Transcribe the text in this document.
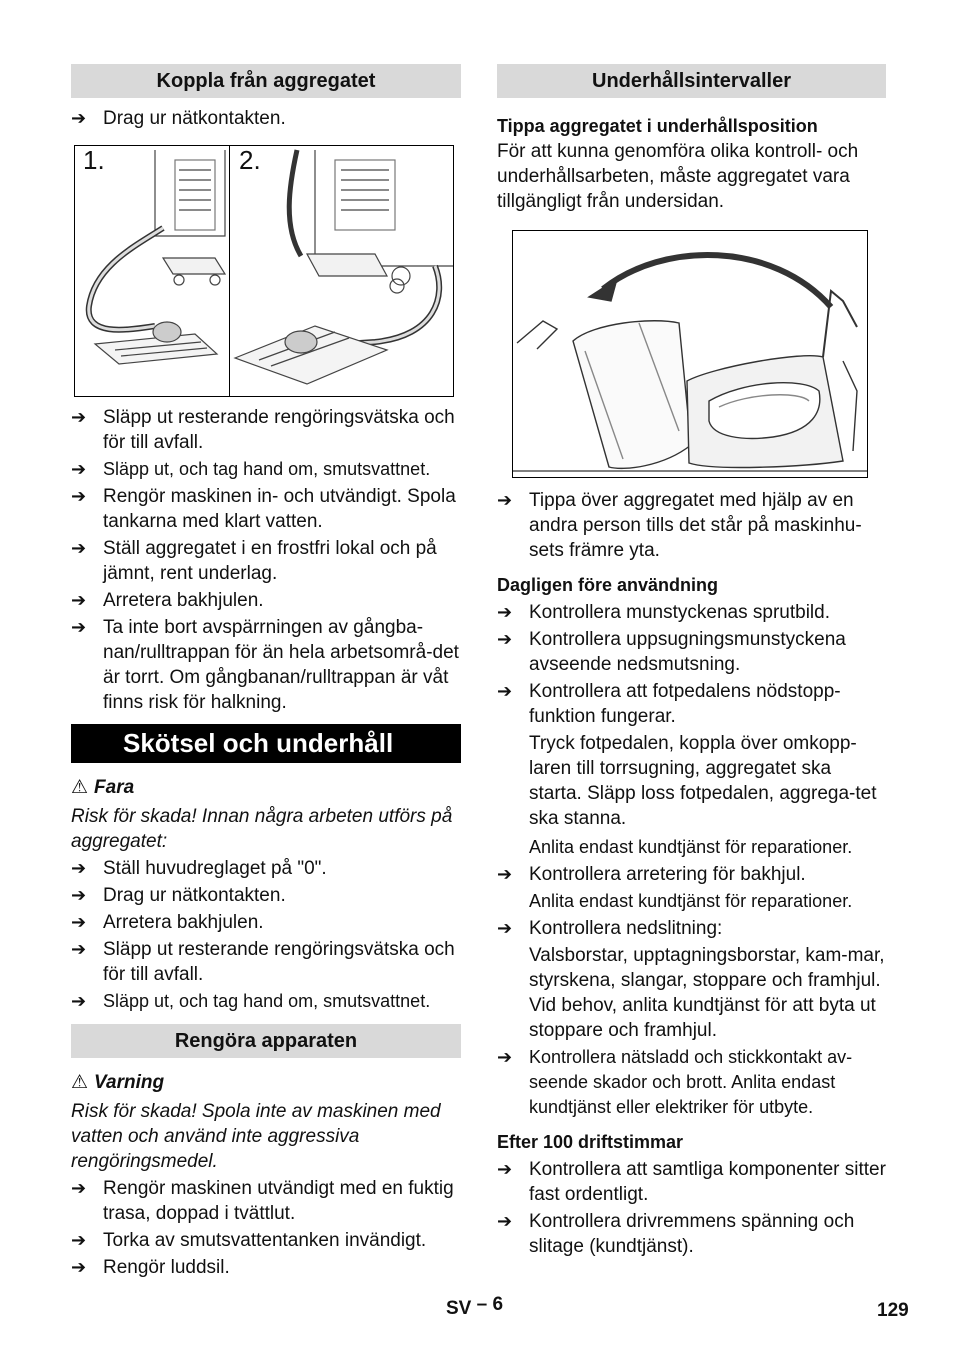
Koppla från aggregatet
➔ Drag ur nätkontakten.
1.	2.
➔ Släpp ut resterande rengöringsvätska och för till avfall.
➔ Släpp ut, och tag hand om, smutsvattnet.
➔ Rengör maskinen in- och utvändigt. Spola tankarna med klart vatten.
➔ Ställ aggregatet i en frostfri lokal och på jämnt, rent underlag.
➔ Arretera bakhjulen.
➔ Ta inte bort avspärrningen av gångba-nan/rulltrappan för än hela arbetsområ-det är torrt. Om gångbanan/rulltrappan är våt finns risk för halkning.
Skötsel och underhåll
⚠ Fara

Risk för skada! Innan några arbeten utförs på aggregatet:

➔ Ställ huvudreglaget på "0".
➔ Drag ur nätkontakten.
➔ Arretera bakhjulen.
➔ Släpp ut resterande rengöringsvätska och för till avfall.
➔ Släpp ut, och tag hand om, smutsvattnet.
Rengöra apparaten
⚠ Varning

Risk för skada! Spola inte av maskinen med vatten och använd inte aggressiva rengöringsmedel.

➔ Rengör maskinen utvändigt med en fuktig trasa, doppad i tvättlut.
➔ Torka av smutsvattentanken invändigt.
➔ Rengör luddsil.
Underhållsintervaller
Tippa aggregatet i underhållsposition

För att kunna genomföra olika kontroll- och underhållsarbeten, måste aggregatet vara tillgängligt från undersidan.

➔ Tippa över aggregatet med hjälp av en andra person tills det står på maskinhu-sets främre yta.
Dagligen före användning
➔ Kontrollera munstyckenas sprutbild.
➔ Kontrollera uppsugningsmunstyckena avseende nedsmutsning.
➔ Kontrollera att fotpedalens nödstopp-funktion fungerar.

Tryck fotpedalen, koppla över omkopp-laren till torrsugning, aggregatet ska starta. Släpp loss fotpedalen, aggrega-tet ska stanna.

Anlita endast kundtjänst för reparationer.

➔ Kontrollera arretering för bakhjul.

Anlita endast kundtjänst för reparationer.

➔ Kontrollera nedslitning:

Valsborstar, upptagningsborstar, kam-mar, styrskena, slangar, stoppare och framhjul. Vid behov, anlita kundtjänst för att byta ut stoppare och framhjul.

➔ Kontrollera nätsladd och stickkontakt av-seende skador och brott. Anlita endast kundtjänst eller elektriker för utbyte.
Efter 100 driftstimmar
➔ Kontrollera att samtliga komponenter sitter fast ordentligt.
➔ Kontrollera drivremmens spänning och slitage (kundtjänst).
SV – 6	129
